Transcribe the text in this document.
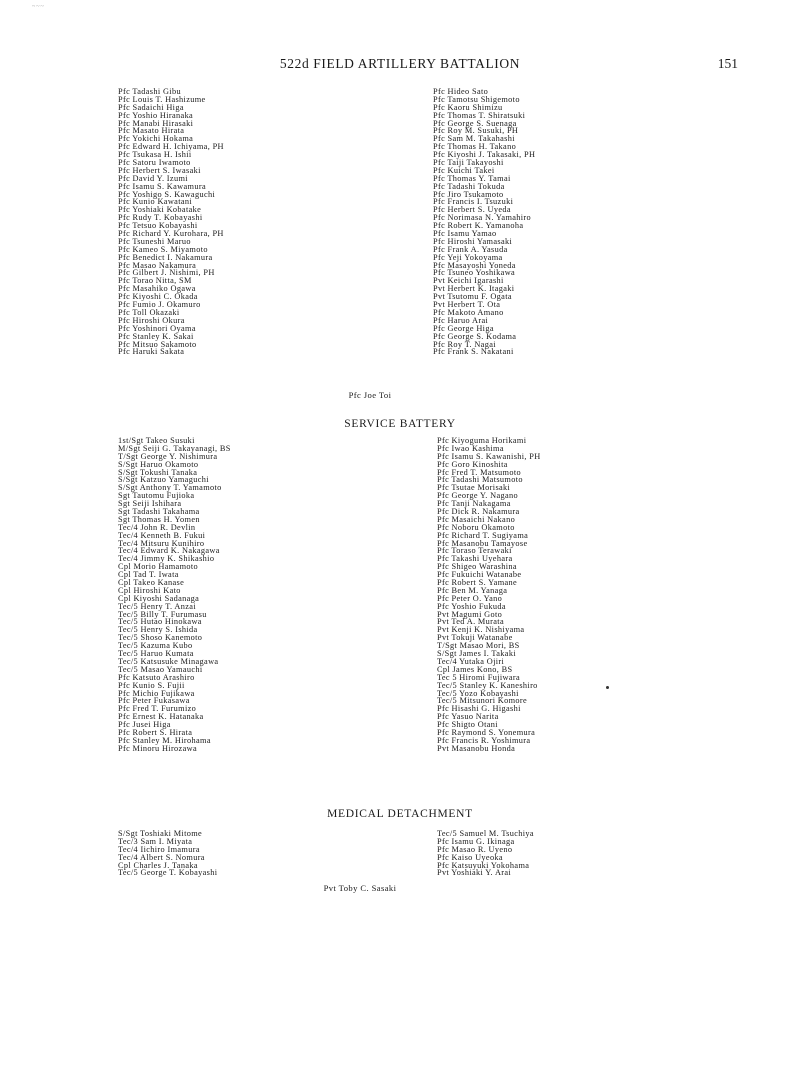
~~~
522d FIELD ARTILLERY BATTALION	151
Pfc Tadashi Gibu
Pfc Louis T. Hashizume
Pfc Sadaichi Higa
Pfc Yoshio Hiranaka
Pfc Manabi Hirasaki
Pfc Masato Hirata
Pfc Yokichi Hokama
Pfc Edward H. Ichiyama, PH
Pfc Tsukasa H. Ishii
Pfc Satoru Iwamoto
Pfc Herbert S. Iwasaki
Pfc David Y. Izumi
Pfc Isamu S. Kawamura
Pfc Yoshigo S. Kawaguchi
Pfc Kunio Kawatani
Pfc Yoshiaki Kobatake
Pfc Rudy T. Kobayashi
Pfc Tetsuo Kobayashi
Pfc Richard Y. Kurohara, PH
Pfc Tsuneshi Maruo
Pfc Kameo S. Miyamoto
Pfc Benedict I. Nakamura
Pfc Masao Nakamura
Pfc Gilbert J. Nishimi, PH
Pfc Torao Nitta, SM
Pfc Masahiko Ogawa
Pfc Kiyoshi C. Okada
Pfc Fumio J. Okamuro
Pfc Toll Okazaki
Pfc Hiroshi Okura
Pfc Yoshinori Oyama
Pfc Stanley K. Sakai
Pfc Mitsuo Sakamoto
Pfc Haruki Sakata
Pfc Hideo Sato
Pfc Tamotsu Shigemoto
Pfc Kaoru Shimizu
Pfc Thomas T. Shiratsuki
Pfc George S. Suenaga
Pfc Roy M. Susuki, PH
Pfc Sam M. Takahashi
Pfc Thomas H. Takano
Pfc Kiyoshi J. Takasaki, PH
Pfc Taiji Takayoshi
Pfc Kuichi Takei
Pfc Thomas Y. Tamai
Pfc Tadashi Tokuda
Pfc Jiro Tsukamoto
Pfc Francis I. Tsuzuki
Pfc Herbert S. Uyeda
Pfc Norimasa N. Yamahiro
Pfc Robert K. Yamanoha
Pfc Isamu Yamao
Pfc Hiroshi Yamasaki
Pfc Frank A. Yasuda
Pfc Yeji Yokoyama
Pfc Masayoshi Yoneda
Pfc Tsuneo Yoshikawa
Pvt Keichi Igarashi
Pvt Herbert K. Itagaki
Pvt Tsutomu F. Ogata
Pvt Herbert T. Ota
Pfc Makoto Amano
Pfc Haruo Arai
Pfc George Higa
Pfc George S. Kodama
Pfc Roy T. Nagai
Pfc Frank S. Nakatani
Pfc Joe Toi
SERVICE BATTERY
1st/Sgt Takeo Susuki
M/Sgt Seiji G. Takayanagi, BS
T/Sgt George Y. Nishimura
S/Sgt Haruo Okamoto
S/Sgt Tokushi Tanaka
S/Sgt Katzuo Yamaguchi
S/Sgt Anthony T. Yamamoto
Sgt Tautomu Fujioka
Sgt Seiji Ishihara
Sgt Tadashi Takahama
Sgt Thomas H. Yomen
Tec/4 John R. Devlin
Tec/4 Kenneth B. Fukui
Tec/4 Mitsuru Kunihiro
Tec/4 Edward K. Nakagawa
Tec/4 Jimmy K. Shikashio
Cpl Morio Hamamoto
Cpl Tad T. Iwata
Cpl Takeo Kanase
Cpl Hiroshi Kato
Cpl Kiyoshi Sadanaga
Tec/5 Henry T. Anzai
Tec/5 Billy T. Furumasu
Tec/5 Hutao Hinokawa
Tec/5 Henry S. Ishida
Tec/5 Shoso Kanemoto
Tec/5 Kazuma Kubo
Tec/5 Haruo Kumata
Tec/5 Katsusuke Minagawa
Tec/5 Masao Yamauchi
Pfc Katsuto Arashiro
Pfc Kunio S. Fujii
Pfc Michio Fujikawa
Pfc Peter Fukasawa
Pfc Fred T. Furumizo
Pfc Ernest K. Hatanaka
Pfc Jusei Higa
Pfc Robert S. Hirata
Pfc Stanley M. Hirohama
Pfc Minoru Hirozawa
Pfc Kiyoguma Horikami
Pfc Iwao Kashima
Pfc Isamu S. Kawanishi, PH
Pfc Goro Kinoshita
Pfc Fred T. Matsumoto
Pfc Tadashi Matsumoto
Pfc Tsutae Morisaki
Pfc George Y. Nagano
Pfc Tanji Nakagama
Pfc Dick R. Nakamura
Pfc Masaichi Nakano
Pfc Noboru Okamoto
Pfc Richard T. Sugiyama
Pfc Masanobu Tamayose
Pfc Toraso Terawaki
Pfc Takashi Uyehara
Pfc Shigeo Warashina
Pfc Fukuichi Watanabe
Pfc Robert S. Yamane
Pfc Ben M. Yanaga
Pfc Peter O. Yano
Pfc Yoshio Fukuda
Pvt Magumi Goto
Pvt Ted A. Murata
Pvt Kenji K. Nishiyama
Pvt Tokuji Watanabe
T/Sgt Masao Mori, BS
S/Sgt James I. Takaki
Tec/4 Yutaka Ojiri
Cpl James Kono, BS
Tec 5 Hiromi Fujiwara
Tec/5 Stanley K. Kaneshiro
Tec/5 Yozo Kobayashi
Tec/5 Mitsunori Komore
Pfc Hisashi G. Higashi
Pfc Yasuo Narita
Pfc Shigto Otani
Pfc Raymond S. Yonemura
Pfc Francis R. Yoshimura
Pvt Masanobu Honda
MEDICAL DETACHMENT
S/Sgt Toshiaki Mitome
Tec/3 Sam I. Miyata
Tec/4 Iichiro Imamura
Tec/4 Albert S. Nomura
Cpl Charles J. Tanaka
Tec/5 George T. Kobayashi
Tec/5 Samuel M. Tsuchiya
Pfc Isamu G. Ikinaga
Pfc Masao R. Uyeno
Pfc Kaiso Uyeoka
Pfc Katsuyuki Yokohama
Pvt Yoshiaki Y. Arai
Pvt Toby C. Sasaki
